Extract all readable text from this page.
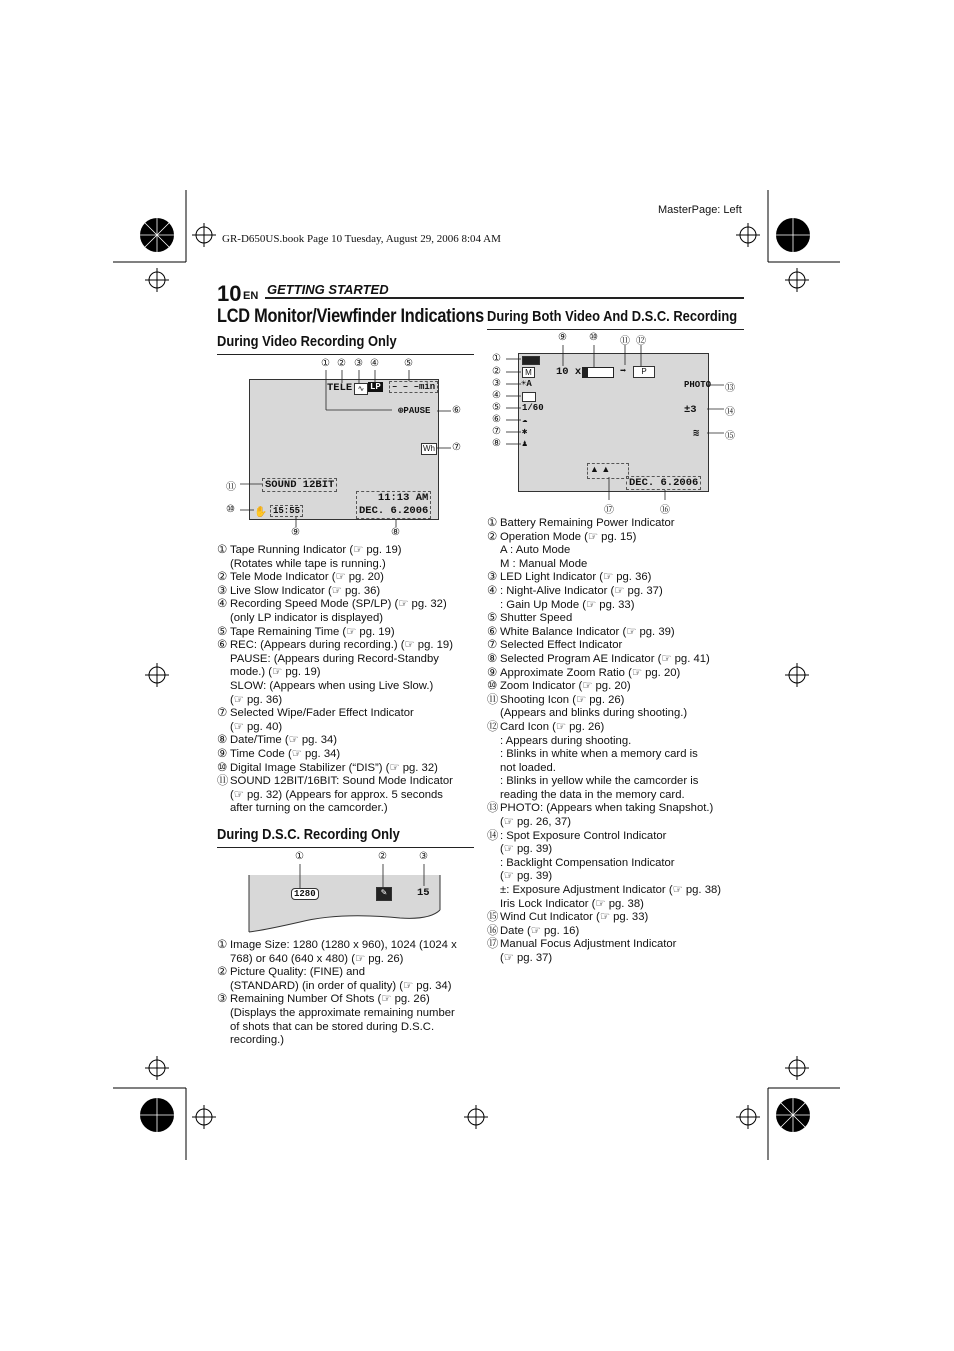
MasterPage: Left
GR-D650US.book Page 10 Tuesday, August 29, 2006 8:04 AM
10 EN GETTING STARTED
LCD Monitor/Viewfinder Indications
During Video Recording Only
TELE ∿ LP	– – –min
⊕PAUSE
Wh
SOUND 12BIT
11:13 AM
DEC. 6.2006
✋ 15:55
① ② ③ ④	⑤
⑥
⑦
⑪
⑩
⑨	⑧
① Tape Running Indicator (☞ pg. 19)
(Rotates while tape is running.)
② Tele Mode Indicator (☞ pg. 20)
③ Live Slow Indicator (☞ pg. 36)
④ Recording Speed Mode (SP/LP) (☞ pg. 32)
(only LP indicator is displayed)
⑤ Tape Remaining Time (☞ pg. 19)
⑥ REC: (Appears during recording.) (☞ pg. 19)
PAUSE: (Appears during Record-Standby
mode.) (☞ pg. 19)
SLOW: (Appears when using Live Slow.)
(☞ pg. 36)
⑦ Selected Wipe/Fader Effect Indicator
(☞ pg. 40)
⑧ Date/Time (☞ pg. 34)
⑨ Time Code (☞ pg. 34)
⑩ Digital Image Stabilizer (“DIS”) (☞ pg. 32)
⑪ SOUND 12BIT/16BIT: Sound Mode Indicator
(☞ pg. 32) (Appears for approx. 5 seconds
after turning on the camcorder.)
During D.S.C. Recording Only
①	②	③
1280	✎	15
① Image Size: 1280 (1280 x 960), 1024 (1024 x
768) or 640 (640 x 480) (☞ pg. 26)
② Picture Quality: (FINE) and
(STANDARD) (in order of quality) (☞ pg. 34)
③ Remaining Number Of Shots (☞ pg. 26)
(Displays the approximate remaining number
of shots that can be stored during D.S.C.
recording.)
During Both Video And D.S.C. Recording
10 x	➡	P
PHOTO
±3
≋
DEC. 6.2006
▲ ▲
M
☀A
1/60
☁
✱
♟
①
②
③
④
⑤
⑥
⑦
⑧
⑨ ⑩ ⑪ ⑫
⑬
⑭
⑮
⑰	⑯
① Battery Remaining Power Indicator
② Operation Mode (☞ pg. 15)
A : Auto Mode
M : Manual Mode
③ LED Light Indicator (☞ pg. 36)
④ : Night-Alive Indicator (☞ pg. 37)
: Gain Up Mode (☞ pg. 33)
⑤ Shutter Speed
⑥ White Balance Indicator (☞ pg. 39)
⑦ Selected Effect Indicator
⑧ Selected Program AE Indicator (☞ pg. 41)
⑨ Approximate Zoom Ratio (☞ pg. 20)
⑩ Zoom Indicator (☞ pg. 20)
⑪ Shooting Icon (☞ pg. 26)
(Appears and blinks during shooting.)
⑫ Card Icon (☞ pg. 26)
: Appears during shooting.
: Blinks in white when a memory card is
not loaded.
: Blinks in yellow while the camcorder is
reading the data in the memory card.
⑬ PHOTO: (Appears when taking Snapshot.)
(☞ pg. 26, 37)
⑭ : Spot Exposure Control Indicator
(☞ pg. 39)
: Backlight Compensation Indicator
(☞ pg. 39)
±: Exposure Adjustment Indicator (☞ pg. 38)
Iris Lock Indicator (☞ pg. 38)
⑮ Wind Cut Indicator (☞ pg. 33)
⑯ Date (☞ pg. 16)
⑰ Manual Focus Adjustment Indicator
(☞ pg. 37)
